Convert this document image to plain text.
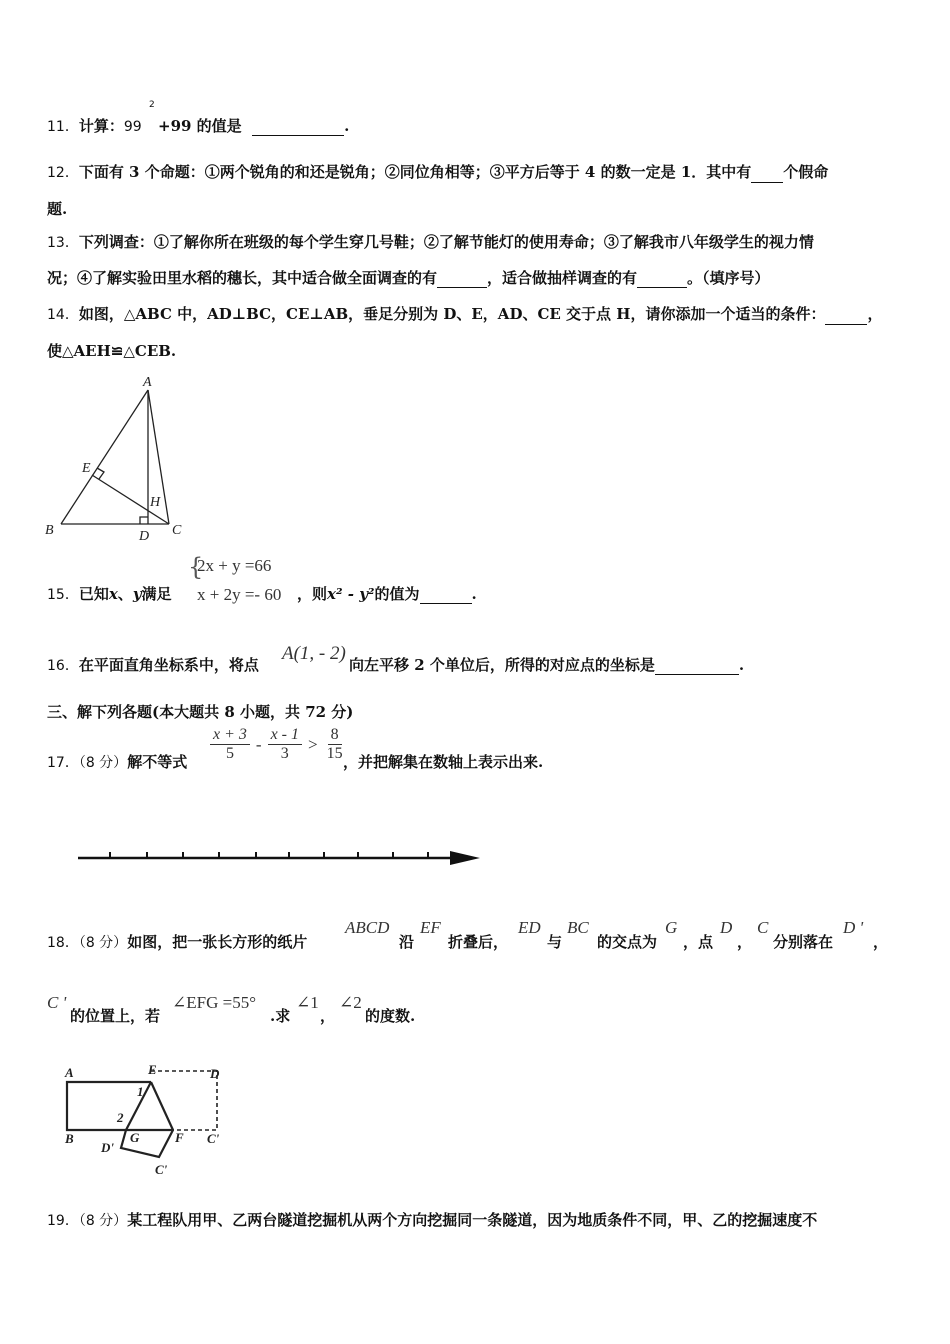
11．计算：99
2
+99 的值是	.
12．下面有 3 个命题：①两个锐角的和还是锐角；②同位角相等；③平方后等于 4 的数一定是 1．其中有 个假命
题.
13．下列调查：①了解你所在班级的每个学生穿几号鞋；②了解节能灯的使用寿命；③了解我市八年级学生的视力情
况；④了解实验田里水稻的穗长，其中适合做全面调查的有	，适合做抽样调查的有	。（填序号）
14．如图，△ABC 中，AD⊥BC，CE⊥AB，垂足分别为 D、E，AD、CE 交于点 H，请你添加一个适当的条件：	，
使△AEH≌△CEB.
A
B	C
D
E
H
{
2x + y =66
x + 2y =- 60
15．已知x、y满足	，则x² - y²的值为	.
16．在平面直角坐标系中，将点
A(1, - 2)
向左平移 2 个单位后，所得的对应点的坐标是	.
三、解下列各题(本大题共 8 小题，共 72 分)
17．（8 分）解不等式 $\frac{x + 3}{5} - \frac{x - 1}{3} > \frac{8}{15}$
，并把解集在数轴上表示出来.
18．（8 分）如图，把一张长方形的纸片
ABCD
沿
EF
折叠后，
ED
与
BC
的交点为
G
，点
D
，
C
分别落在
D '
，
C '
的位置上，若
∠EFG =55°
.求
∠1
，
∠2
的度数.
A	E	D
B	G	F C'
1
2
D'
C'
19．（8 分）某工程队用甲、乙两台隧道挖掘机从两个方向挖掘同一条隧道，因为地质条件不同，甲、乙的挖掘速度不
